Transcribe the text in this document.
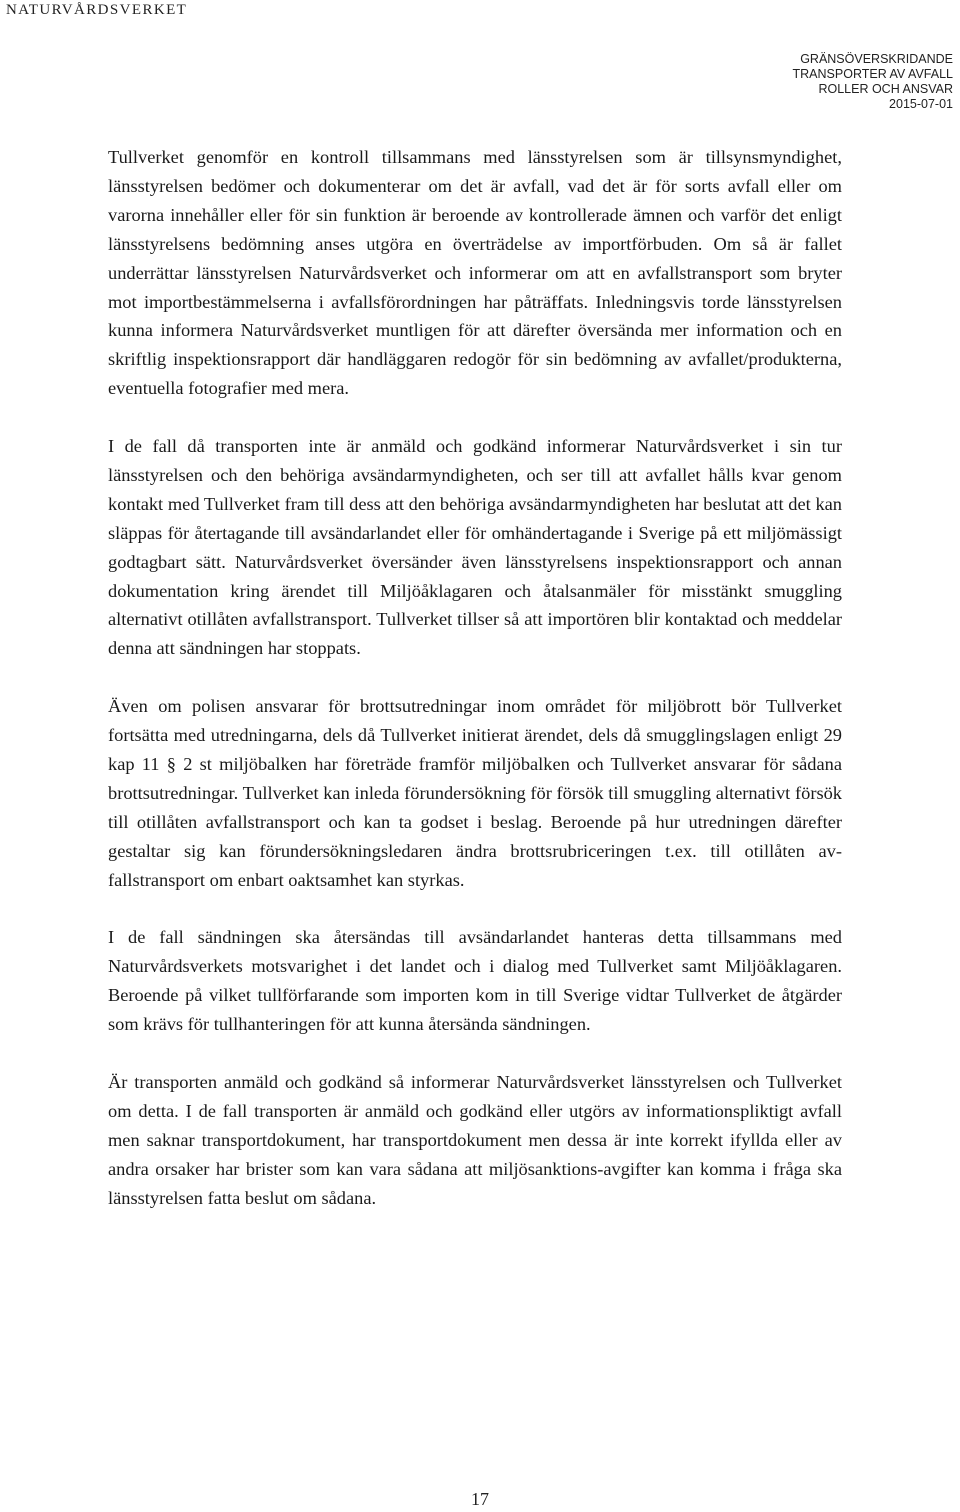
NATURVÅRDSVERKET

GRÄNSÖVERSKRIDANDE
TRANSPORTER AV AVFALL
ROLLER OCH ANSVAR
2015-07-01

Tullverket genomför en kontroll tillsammans med länsstyrelsen som är tillsynsmyndighet, länsstyrelsen bedömer och dokumenterar om det är avfall, vad det är för sorts avfall eller om varorna innehåller eller för sin funktion är beroende av kontrollerade ämnen och varför det enligt länsstyrelsens bedömning anses utgöra en överträdelse av importförbuden. Om så är fallet underrättar länsstyrelsen Naturvårdsverket och informerar om att en avfallstransport som bryter mot importbestämmelserna i avfallsförordningen har påträffats. Inledningsvis torde länsstyrelsen kunna informera Naturvårdsverket muntligen för att därefter översända mer information och en skriftlig inspektionsrapport där handläggaren redogör för sin bedömning av avfallet/produkterna, eventuella fotografier med mera.

I de fall då transporten inte är anmäld och godkänd informerar Naturvårdsverket i sin tur länsstyrelsen och den behöriga avsändarmyndigheten, och ser till att avfallet hålls kvar genom kontakt med Tullverket fram till dess att den behöriga avsändarmyndigheten har beslutat att det kan släppas för återtagande till avsändarlandet eller för omhändertagande i Sverige på ett miljömässigt godtagbart sätt. Naturvårdsverket översänder även länsstyrelsens inspektionsrapport och annan dokumentation kring ärendet till Miljöåklagaren och åtalsanmäler för misstänkt smuggling alternativt otillåten avfallstransport. Tullverket tillser så att importören blir kontaktad och meddelar denna att sändningen har stoppats.

Även om polisen ansvarar för brottsutredningar inom området för miljöbrott bör Tullverket fortsätta med utredningarna, dels då Tullverket initierat ärendet, dels då smugglingslagen enligt 29 kap 11 § 2 st miljöbalken har företräde framför miljöbalken och Tullverket ansvarar för sådana brottsutredningar. Tullverket kan inleda förundersökning för försök till smuggling alternativt försök till otillåten avfallstransport och kan ta godset i beslag. Beroende på hur utredningen därefter gestaltar sig kan förundersökningsledaren ändra brottsrubriceringen t.ex. till otillåten avfallstransport om enbart oaktsamhet kan styrkas.

I de fall sändningen ska återsändas till avsändarlandet hanteras detta tillsammans med Naturvårdsverkets motsvarighet i det landet och i dialog med Tullverket samt Miljöåklagaren. Beroende på vilket tullförfarande som importen kom in till Sverige vidtar Tullverket de åtgärder som krävs för tullhanteringen för att kunna återsända sändningen.

Är transporten anmäld och godkänd så informerar Naturvårdsverket länsstyrelsen och Tullverket om detta. I de fall transporten är anmäld och godkänd eller utgörs av informationspliktigt avfall men saknar transportdokument, har transportdokument men dessa är inte korrekt ifyllda eller av andra orsaker har brister som kan vara sådana att miljösanktions-avgifter kan komma i fråga ska länsstyrelsen fatta beslut om sådana.

17
